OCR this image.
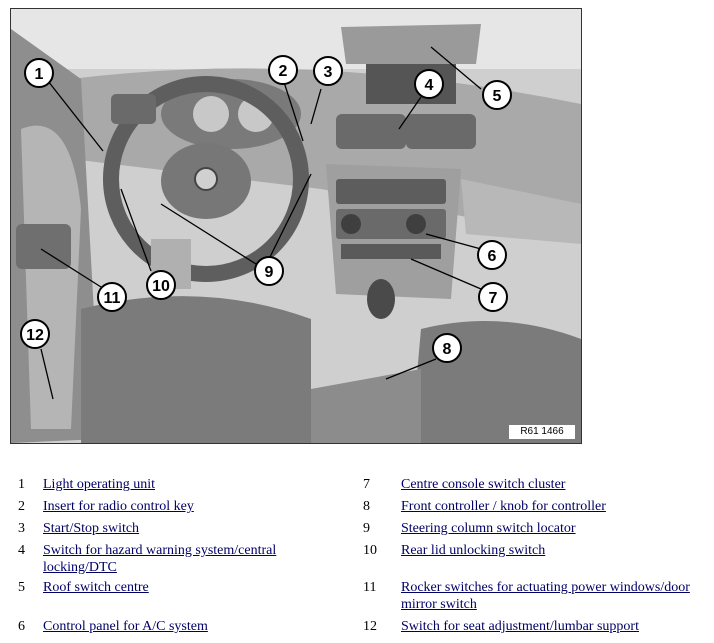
1	2 3
4
5
6
7
8
9
10
11
12
R61 1466
1	Light operating unit
2	Insert for radio control key
3	Start/Stop switch
4	Switch for hazard warning system/central locking/DTC
5	Roof switch centre
6	Control panel for A/C system
7	Centre console switch cluster
8	Front controller / knob for controller
9	Steering column switch locator
10	Rear lid unlocking switch
11	Rocker switches for actuating power windows/door mirror switch
12	Switch for seat adjustment/lumbar support
